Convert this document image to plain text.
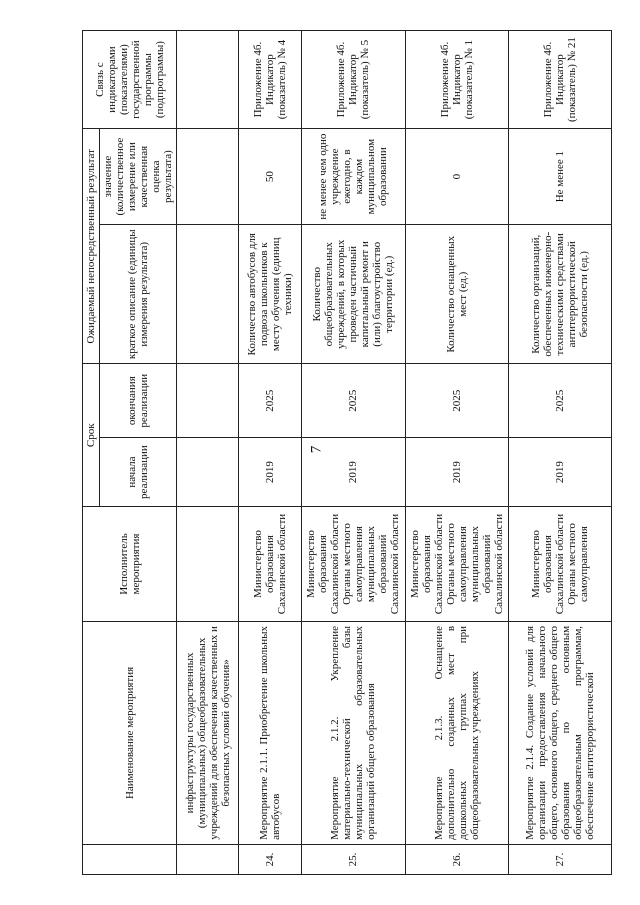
7
	Наименование мероприятия	Исполнитель мероприятия	Срок		Ожидаемый непосредственный результат		Связь с индикаторами (показателями) государственной программы (подпрограммы)
			начала реализации	окончания реализации	краткое описание (единицы измерения результата)	значение (количественное измерение или качественная оценка результата)	
	инфраструктуры государственных (муниципальных) общеобразовательных учреждений для обеспечения качественных и безопасных условий обучения»						
24.	Мероприятие 2.1.1. Приобретение школьных автобусов	Министерство образования Сахалинской области	2019	2025	Количество автобусов для подвоза школьников к месту обучения (единиц техники)	50	Приложение 4б. Индикатор (показатель) № 4
25.	Мероприятие 2.1.2. Укрепление материально-технической базы муниципальных образовательных организаций общего образования	Министерство образования Сахалинской области Органы местного самоуправления муниципальных образований Сахалинской области	2019	2025	Количество общеобразовательных учреждений, в которых проведен частичный капитальный ремонт и (или) благоустройство территории (ед.)	не менее чем одно учреждение ежегодно, в каждом муниципальном образовании	Приложение 4б. Индикатор (показатель) № 5
26.	Мероприятие 2.1.3. Оснащение дополнительно созданных мест в дошкольных группах при общеобразовательных учреждениях	Министерство образования Сахалинской области Органы местного самоуправления муниципальных образований Сахалинской области	2019	2025	Количество оснащенных мест (ед.)	0	Приложение 4б. Индикатор (показатель) № 1
27.	Мероприятие 2.1.4. Создание условий для организации предоставления начального общего, основного общего, среднего общего образования по основным общеобразовательным программам, обеспечение антитеррористической	Министерство образования Сахалинской области Органы местного самоуправления	2019	2025	Количество организаций, обеспеченных инженерно-техническими средствами антитеррористической безопасности (ед.)	Не менее 1	Приложение 4б. Индикатор (показатель) № 21
